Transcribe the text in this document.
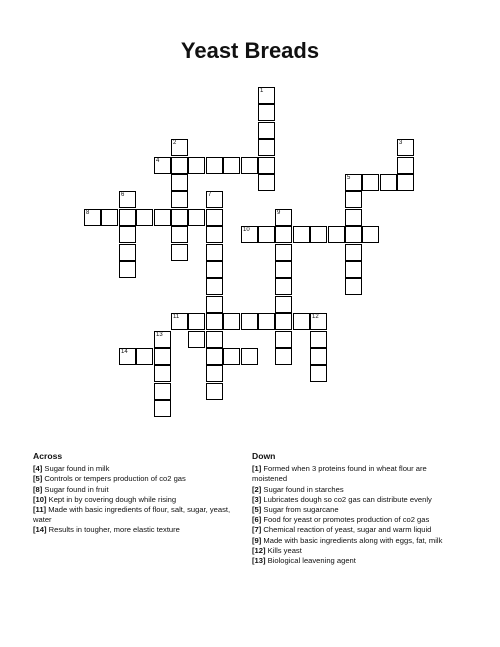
Yeast Breads
1
2	3
4
5
6	7
8	9
10
11	12
13
14
Across

[4] Sugar found in milk

[5] Controls or tempers production of co2 gas

[8] Sugar found in fruit

[10] Kept in by covering dough while rising

[11] Made with basic ingredients of flour, salt, sugar, yeast, water

[14] Results in tougher, more elastic texture

Down

[1] Formed when 3 proteins found in wheat flour are moistened

[2] Sugar found in starches

[3] Lubricates dough so co2 gas can distribute evenly

[5] Sugar from sugarcane

[6] Food for yeast or promotes production of co2 gas

[7] Chemical reaction of yeast, sugar and warm liquid

[9] Made with basic ingredients along with eggs, fat, milk

[12] Kills yeast

[13] Biological leavening agent
